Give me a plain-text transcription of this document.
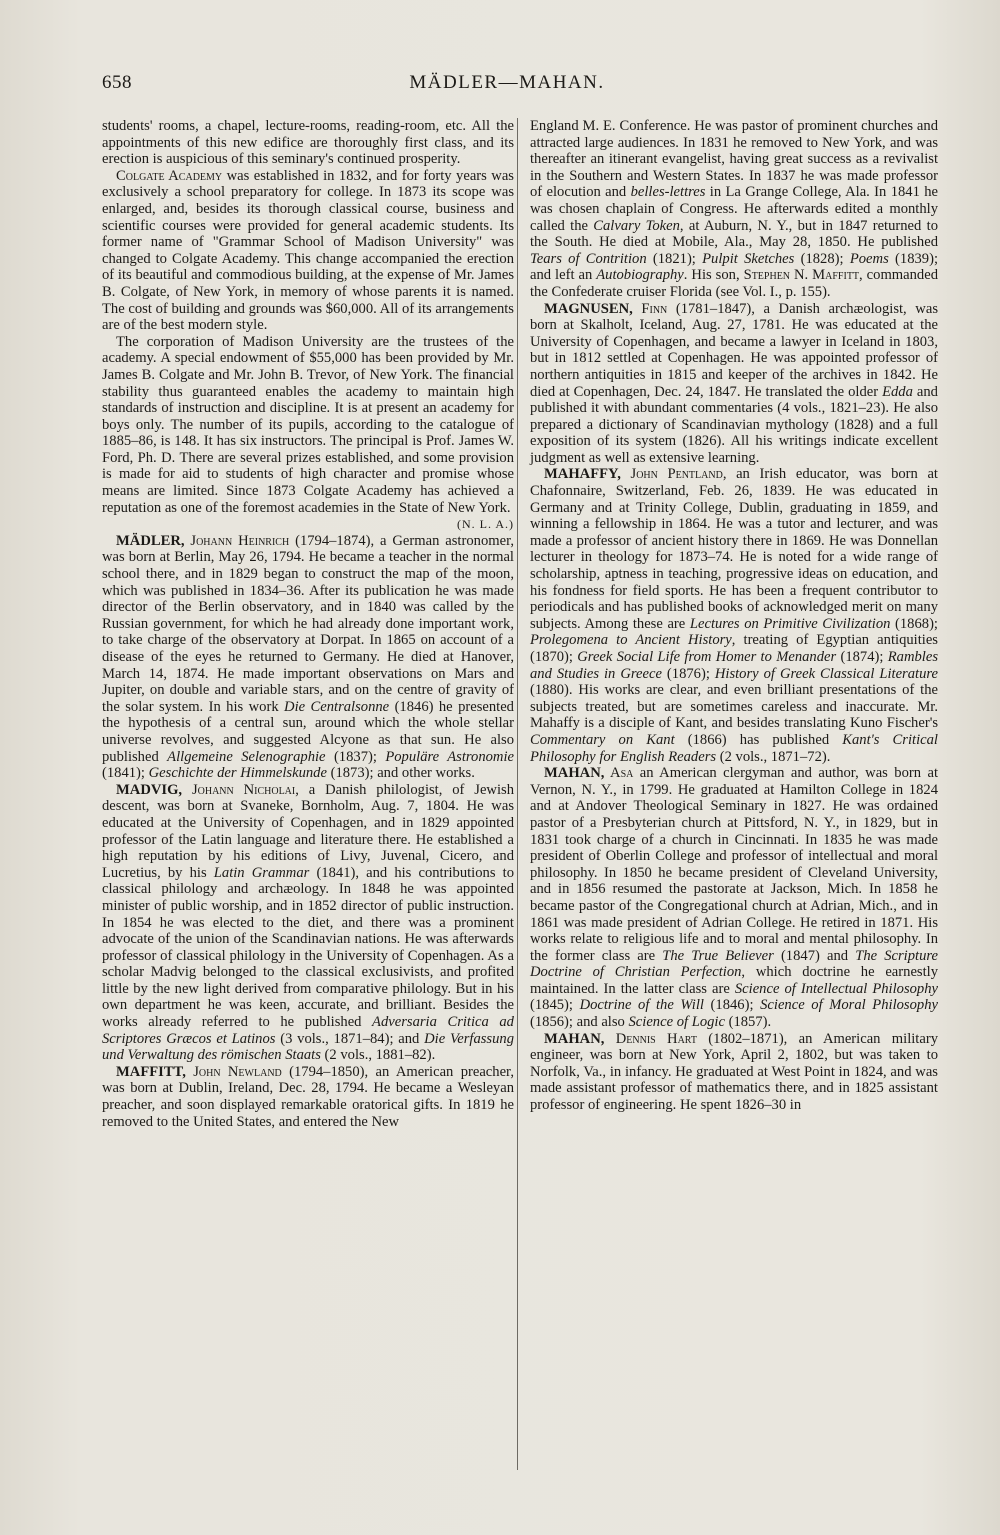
658	MÄDLER—MAHAN.

students' rooms, a chapel, lecture-rooms, reading-room, etc. All the appointments of this new edifice are thoroughly first class, and its erection is auspicious of this seminary's continued prosperity.

Colgate Academy was established in 1832, and for forty years was exclusively a school preparatory for college. In 1873 its scope was enlarged, and, besides its thorough classical course, business and scientific courses were provided for general academic students. Its former name of "Grammar School of Madison University" was changed to Colgate Academy. This change accompanied the erection of its beautiful and commodious building, at the expense of Mr. James B. Colgate, of New York, in memory of whose parents it is named. The cost of building and grounds was $60,000. All of its arrangements are of the best modern style.

The corporation of Madison University are the trustees of the academy. A special endowment of $55,000 has been provided by Mr. James B. Colgate and Mr. John B. Trevor, of New York. The financial stability thus guaranteed enables the academy to maintain high standards of instruction and discipline. It is at present an academy for boys only. The number of its pupils, according to the catalogue of 1885–86, is 148. It has six instructors. The principal is Prof. James W. Ford, Ph. D. There are several prizes established, and some provision is made for aid to students of high character and promise whose means are limited. Since 1873 Colgate Academy has achieved a reputation as one of the foremost academies in the State of New York.
(N. L. A.)

MÄDLER, Johann Heinrich (1794–1874), a German astronomer, was born at Berlin, May 26, 1794. He became a teacher in the normal school there, and in 1829 began to construct the map of the moon, which was published in 1834–36. After its publication he was made director of the Berlin observatory, and in 1840 was called by the Russian government, for which he had already done important work, to take charge of the observatory at Dorpat. In 1865 on account of a disease of the eyes he returned to Germany. He died at Hanover, March 14, 1874. He made important observations on Mars and Jupiter, on double and variable stars, and on the centre of gravity of the solar system. In his work Die Centralsonne (1846) he presented the hypothesis of a central sun, around which the whole stellar universe revolves, and suggested Alcyone as that sun. He also published Allgemeine Selenographie (1837); Populäre Astronomie (1841); Geschichte der Himmelskunde (1873); and other works.

MADVIG, Johann Nicholai, a Danish philologist, of Jewish descent, was born at Svaneke, Bornholm, Aug. 7, 1804. He was educated at the University of Copenhagen, and in 1829 appointed professor of the Latin language and literature there. He established a high reputation by his editions of Livy, Juvenal, Cicero, and Lucretius, by his Latin Grammar (1841), and his contributions to classical philology and archæology. In 1848 he was appointed minister of public worship, and in 1852 director of public instruction. In 1854 he was elected to the diet, and there was a prominent advocate of the union of the Scandinavian nations. He was afterwards professor of classical philology in the University of Copenhagen. As a scholar Madvig belonged to the classical exclusivists, and profited little by the new light derived from comparative philology. But in his own department he was keen, accurate, and brilliant. Besides the works already referred to he published Adversaria Critica ad Scriptores Græcos et Latinos (3 vols., 1871–84); and Die Verfassung und Verwaltung des römischen Staats (2 vols., 1881–82).

MAFFITT, John Newland (1794–1850), an American preacher, was born at Dublin, Ireland, Dec. 28, 1794. He became a Wesleyan preacher, and soon displayed remarkable oratorical gifts. In 1819 he removed to the United States, and entered the New

England M. E. Conference. He was pastor of prominent churches and attracted large audiences. In 1831 he removed to New York, and was thereafter an itinerant evangelist, having great success as a revivalist in the Southern and Western States. In 1837 he was made professor of elocution and belles-lettres in La Grange College, Ala. In 1841 he was chosen chaplain of Congress. He afterwards edited a monthly called the Calvary Token, at Auburn, N. Y., but in 1847 returned to the South. He died at Mobile, Ala., May 28, 1850. He published Tears of Contrition (1821); Pulpit Sketches (1828); Poems (1839); and left an Autobiography. His son, Stephen N. Maffitt, commanded the Confederate cruiser Florida (see Vol. I., p. 155).

MAGNUSEN, Finn (1781–1847), a Danish archæologist, was born at Skalholt, Iceland, Aug. 27, 1781. He was educated at the University of Copenhagen, and became a lawyer in Iceland in 1803, but in 1812 settled at Copenhagen. He was appointed professor of northern antiquities in 1815 and keeper of the archives in 1842. He died at Copenhagen, Dec. 24, 1847. He translated the older Edda and published it with abundant commentaries (4 vols., 1821–23). He also prepared a dictionary of Scandinavian mythology (1828) and a full exposition of its system (1826). All his writings indicate excellent judgment as well as extensive learning.

MAHAFFY, John Pentland, an Irish educator, was born at Chafonnaire, Switzerland, Feb. 26, 1839. He was educated in Germany and at Trinity College, Dublin, graduating in 1859, and winning a fellowship in 1864. He was a tutor and lecturer, and was made a professor of ancient history there in 1869. He was Donnellan lecturer in theology for 1873–74. He is noted for a wide range of scholarship, aptness in teaching, progressive ideas on education, and his fondness for field sports. He has been a frequent contributor to periodicals and has published books of acknowledged merit on many subjects. Among these are Lectures on Primitive Civilization (1868); Prolegomena to Ancient History, treating of Egyptian antiquities (1870); Greek Social Life from Homer to Menander (1874); Rambles and Studies in Greece (1876); History of Greek Classical Literature (1880). His works are clear, and even brilliant presentations of the subjects treated, but are sometimes careless and inaccurate. Mr. Mahaffy is a disciple of Kant, and besides translating Kuno Fischer's Commentary on Kant (1866) has published Kant's Critical Philosophy for English Readers (2 vols., 1871–72).

MAHAN, Asa an American clergyman and author, was born at Vernon, N. Y., in 1799. He graduated at Hamilton College in 1824 and at Andover Theological Seminary in 1827. He was ordained pastor of a Presbyterian church at Pittsford, N. Y., in 1829, but in 1831 took charge of a church in Cincinnati. In 1835 he was made president of Oberlin College and professor of intellectual and moral philosophy. In 1850 he became president of Cleveland University, and in 1856 resumed the pastorate at Jackson, Mich. In 1858 he became pastor of the Congregational church at Adrian, Mich., and in 1861 was made president of Adrian College. He retired in 1871. His works relate to religious life and to moral and mental philosophy. In the former class are The True Believer (1847) and The Scripture Doctrine of Christian Perfection, which doctrine he earnestly maintained. In the latter class are Science of Intellectual Philosophy (1845); Doctrine of the Will (1846); Science of Moral Philosophy (1856); and also Science of Logic (1857).

MAHAN, Dennis Hart (1802–1871), an American military engineer, was born at New York, April 2, 1802, but was taken to Norfolk, Va., in infancy. He graduated at West Point in 1824, and was made assistant professor of mathematics there, and in 1825 assistant professor of engineering. He spent 1826–30 in
